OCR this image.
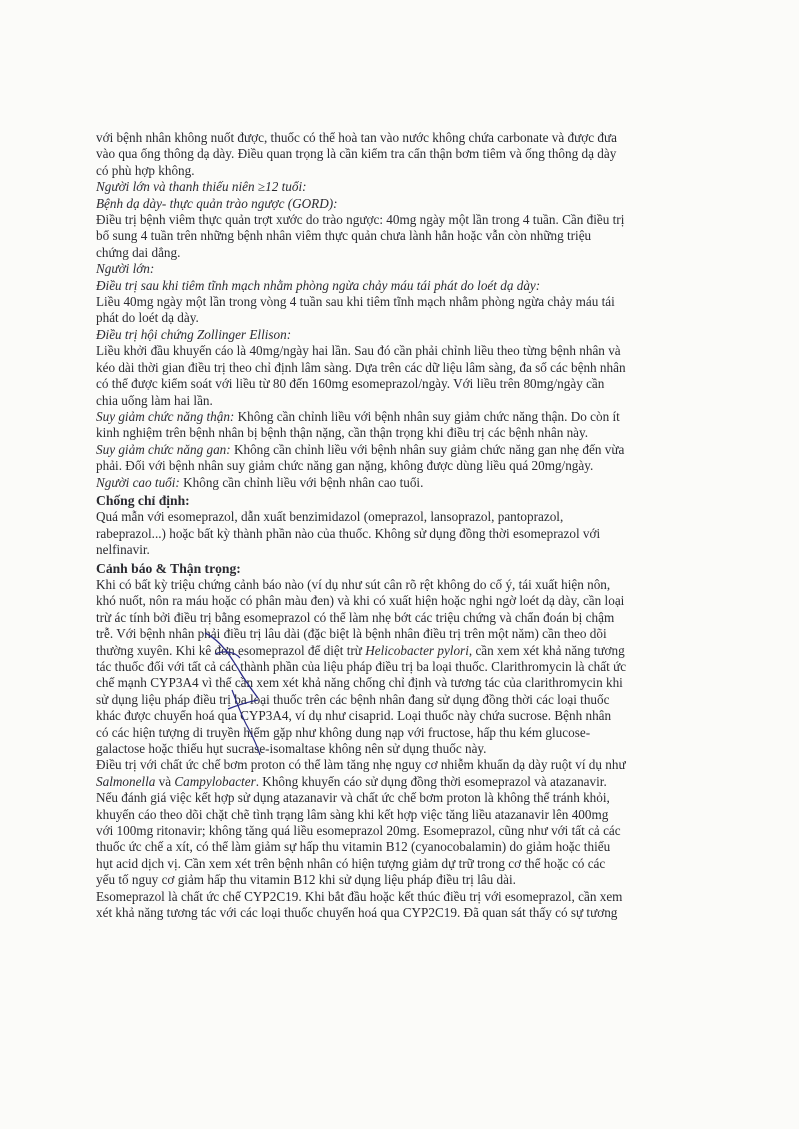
với bệnh nhân không nuốt được, thuốc có thể hoà tan vào nước không chứa carbonate và được đưa
vào qua ống thông dạ dày. Điều quan trọng là cần kiểm tra cẩn thận bơm tiêm và ống thông dạ dày
có phù hợp không.
Người lớn và thanh thiếu niên ≥12 tuổi:
Bệnh dạ dày- thực quản trào ngược (GORD):
Điều trị bệnh viêm thực quản trợt xước do trào ngược: 40mg ngày một lần trong 4 tuần. Cần điều trị
bổ sung 4 tuần trên những bệnh nhân viêm thực quản chưa lành hẳn hoặc vẫn còn những triệu
chứng dai dẳng.
Người lớn:
Điều trị sau khi tiêm tĩnh mạch nhằm phòng ngừa chảy máu tái phát do loét dạ dày:
Liều 40mg ngày một lần trong vòng 4 tuần sau khi tiêm tĩnh mạch nhằm phòng ngừa chảy máu tái
phát do loét dạ dày.
Điều trị hội chứng Zollinger Ellison:
Liều khởi đầu khuyến cáo là 40mg/ngày hai lần. Sau đó cần phải chỉnh liều theo từng bệnh nhân và
kéo dài thời gian điều trị theo chỉ định lâm sàng. Dựa trên các dữ liệu lâm sàng, đa số các bệnh nhân
có thể được kiểm soát với liều từ 80 đến 160mg esomeprazol/ngày. Với liều trên 80mg/ngày cần
chia uống làm hai lần.
Suy giảm chức năng thận: Không cần chỉnh liều với bệnh nhân suy giảm chức năng thận. Do còn ít
kinh nghiệm trên bệnh nhân bị bệnh thận nặng, cần thận trọng khi điều trị các bệnh nhân này.
Suy giảm chức năng gan: Không cần chỉnh liều với bệnh nhân suy giảm chức năng gan nhẹ đến vừa
phải. Đối với bệnh nhân suy giảm chức năng gan nặng, không được dùng liều quá 20mg/ngày.
Người cao tuổi: Không cần chỉnh liều với bệnh nhân cao tuổi.
Chống chỉ định:
Quá mẫn với esomeprazol, dẫn xuất benzimidazol (omeprazol, lansoprazol, pantoprazol,
rabeprazol...) hoặc bất kỳ thành phần nào của thuốc. Không sử dụng đồng thời esomeprazol với
nelfinavir.
Cảnh báo & Thận trọng:
Khi có bất kỳ triệu chứng cảnh báo nào (ví dụ như sút cân rõ rệt không do cố ý, tái xuất hiện nôn,
khó nuốt, nôn ra máu hoặc có phân màu đen) và khi có xuất hiện hoặc nghi ngờ loét dạ dày, cần loại
trừ ác tính bởi điều trị bằng esomeprazol có thể làm nhẹ bớt các triệu chứng và chẩn đoán bị chậm
trễ. Với bệnh nhân phải điều trị lâu dài (đặc biệt là bệnh nhân điều trị trên một năm) cần theo dõi
thường xuyên. Khi kê đơn esomeprazol để diệt trừ Helicobacter pylori, cần xem xét khả năng tương
tác thuốc đối với tất cả các thành phần của liệu pháp điều trị ba loại thuốc. Clarithromycin là chất ức
chế mạnh CYP3A4 vì thế cần xem xét khả năng chống chỉ định và tương tác của clarithromycin khi
sử dụng liệu pháp điều trị ba loại thuốc trên các bệnh nhân đang sử dụng đồng thời các loại thuốc
khác được chuyển hoá qua CYP3A4, ví dụ như cisaprid. Loại thuốc này chứa sucrose. Bệnh nhân
có các hiện tượng di truyền hiếm gặp như không dung nạp với fructose, hấp thu kém glucose-
galactose hoặc thiếu hụt sucrase-isomaltase không nên sử dụng thuốc này.
Điều trị với chất ức chế bơm proton có thể làm tăng nhẹ nguy cơ nhiễm khuẩn dạ dày ruột ví dụ như
Salmonella và Campylobacter. Không khuyến cáo sử dụng đồng thời esomeprazol và atazanavir.
Nếu đánh giá việc kết hợp sử dụng atazanavir và chất ức chế bơm proton là không thể tránh khỏi,
khuyến cáo theo dõi chặt chẽ tình trạng lâm sàng khi kết hợp việc tăng liều atazanavir lên 400mg
với 100mg ritonavir; không tăng quá liều esomeprazol 20mg. Esomeprazol, cũng như với tất cả các
thuốc ức chế a xít, có thể làm giảm sự hấp thu vitamin B12 (cyanocobalamin) do giảm hoặc thiếu
hụt acid dịch vị. Cần xem xét trên bệnh nhân có hiện tượng giảm dự trữ trong cơ thể hoặc có các
yếu tố nguy cơ giảm hấp thu vitamin B12 khi sử dụng liệu pháp điều trị lâu dài.
Esomeprazol là chất ức chế CYP2C19. Khi bắt đầu hoặc kết thúc điều trị với esomeprazol, cần xem
xét khả năng tương tác với các loại thuốc chuyển hoá qua CYP2C19. Đã quan sát thấy có sự tương
